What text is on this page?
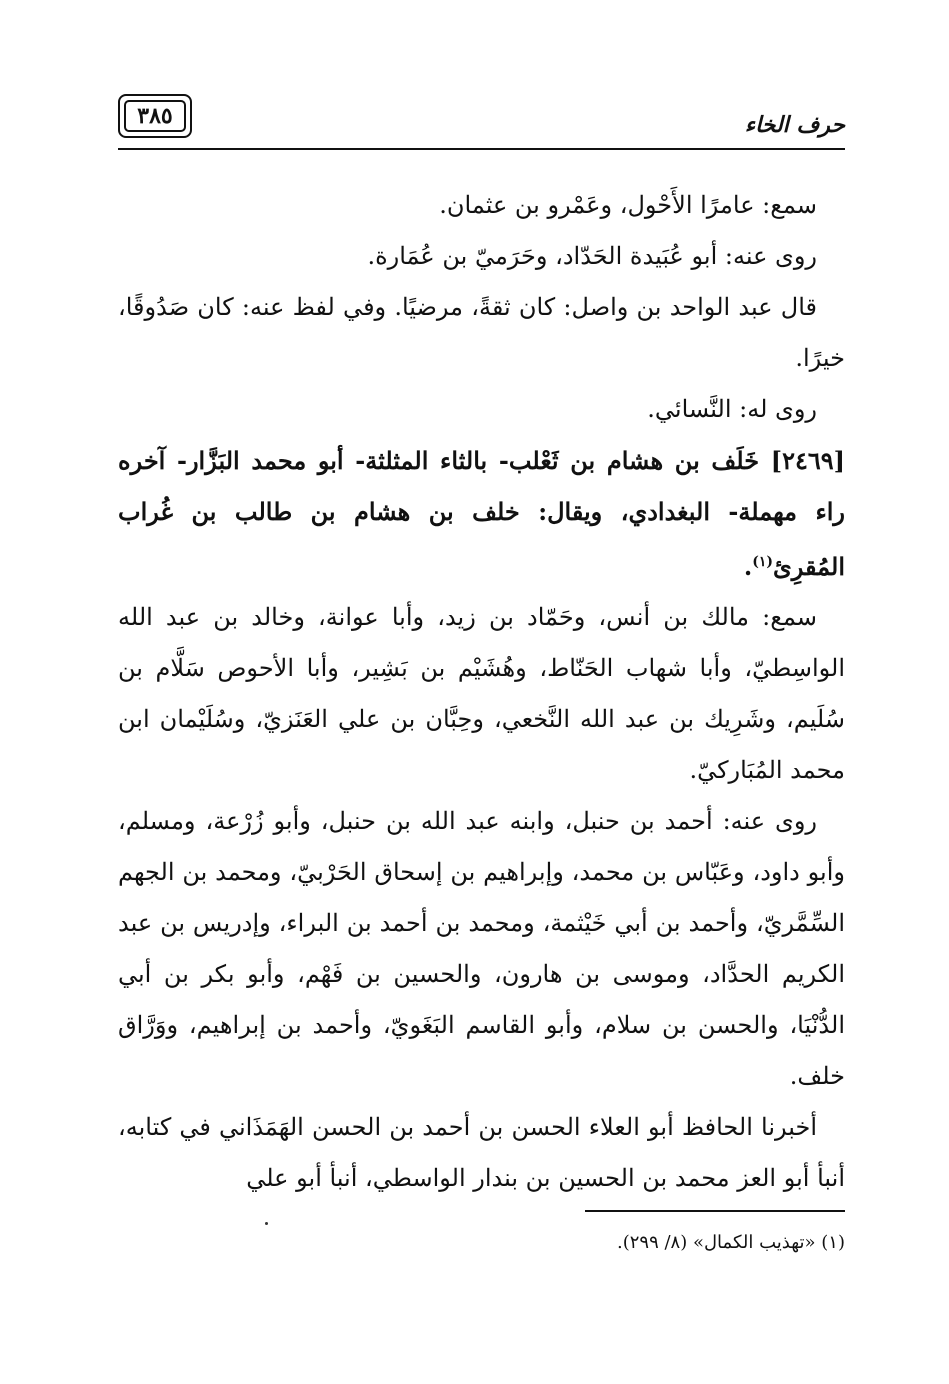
٣٨٥	حرف الخاء

سمع: عامرًا الأَحْول، وعَمْرو بن عثمان.

روى عنه: أبو عُبَيدة الحَدّاد، وحَرَميّ بن عُمَارة.

قال عبد الواحد بن واصل: كان ثقةً، مرضيًا. وفي لفظ عنه: كان صَدُوقًا، خيرًا.

روى له: النَّسائي.

[٢٤٦٩] خَلَف بن هشام بن ثَعْلب- بالثاء المثلثة- أبو محمد البَزَّار- آخره راء مهملة- البغدادي، ويقال: خلف بن هشام بن طالب بن غُراب المُقرِئ$^{(١)}$.

سمع: مالك بن أنس، وحَمّاد بن زيد، وأبا عوانة، وخالد بن عبد الله الواسِطيّ، وأبا شهاب الحَنّاط، وهُشَيْم بن بَشِير، وأبا الأحوص سَلَّام بن سُلَيم، وشَرِيك بن عبد الله النَّخعي، وحِبَّان بن علي العَنَزيّ، وسُلَيْمان ابن محمد المُبَاركيّ.

روى عنه: أحمد بن حنبل، وابنه عبد الله بن حنبل، وأبو زُرْعة، ومسلم، وأبو داود، وعَبّاس بن محمد، وإبراهيم بن إسحاق الحَرْبيّ، ومحمد بن الجهم السِّمَّريّ، وأحمد بن أبي خَيْثمة، ومحمد بن أحمد بن البراء، وإدريس بن عبد الكريم الحدَّاد، وموسى بن هارون، والحسين بن فَهْم، وأبو بكر بن أبي الدُّنْيَا، والحسن بن سلام، وأبو القاسم البَغَويّ، وأحمد بن إبراهيم، ووَرَّاق خلف.

أخبرنا الحافظ أبو العلاء الحسن بن أحمد بن الحسن الهَمَذَاني في كتابه، أنبأ أبو العز محمد بن الحسين بن بندار الواسطي، أنبأ أبو علي

(١) «تهذيب الكمال» (٨/ ٢٩٩).
